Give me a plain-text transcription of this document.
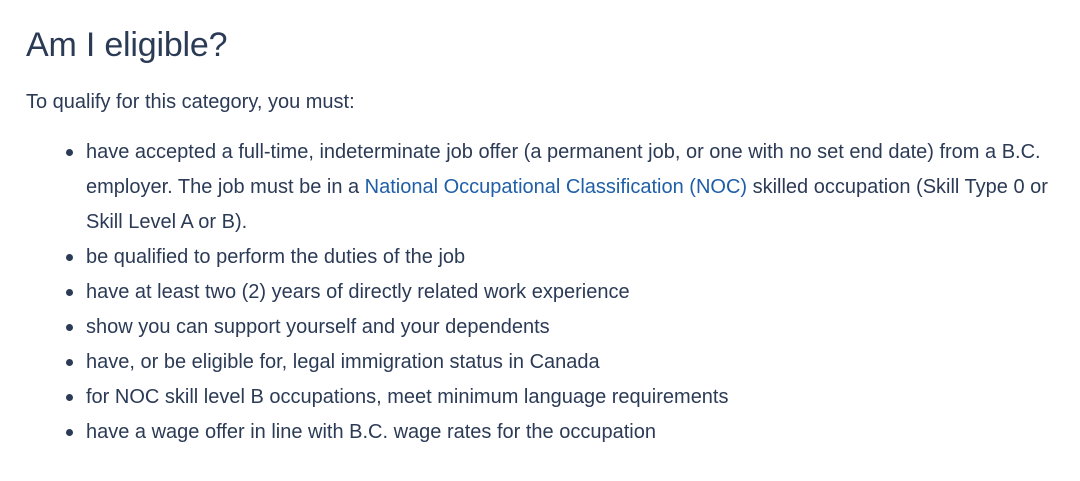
Am I eligible?

To qualify for this category, you must:

have accepted a full-time, indeterminate job offer (a permanent job, or one with no set end date) from a B.C. employer. The job must be in a National Occupational Classification (NOC) skilled occupation (Skill Type 0 or Skill Level A or B).
be qualified to perform the duties of the job
have at least two (2) years of directly related work experience
show you can support yourself and your dependents
have, or be eligible for, legal immigration status in Canada
for NOC skill level B occupations, meet minimum language requirements
have a wage offer in line with B.C. wage rates for the occupation
